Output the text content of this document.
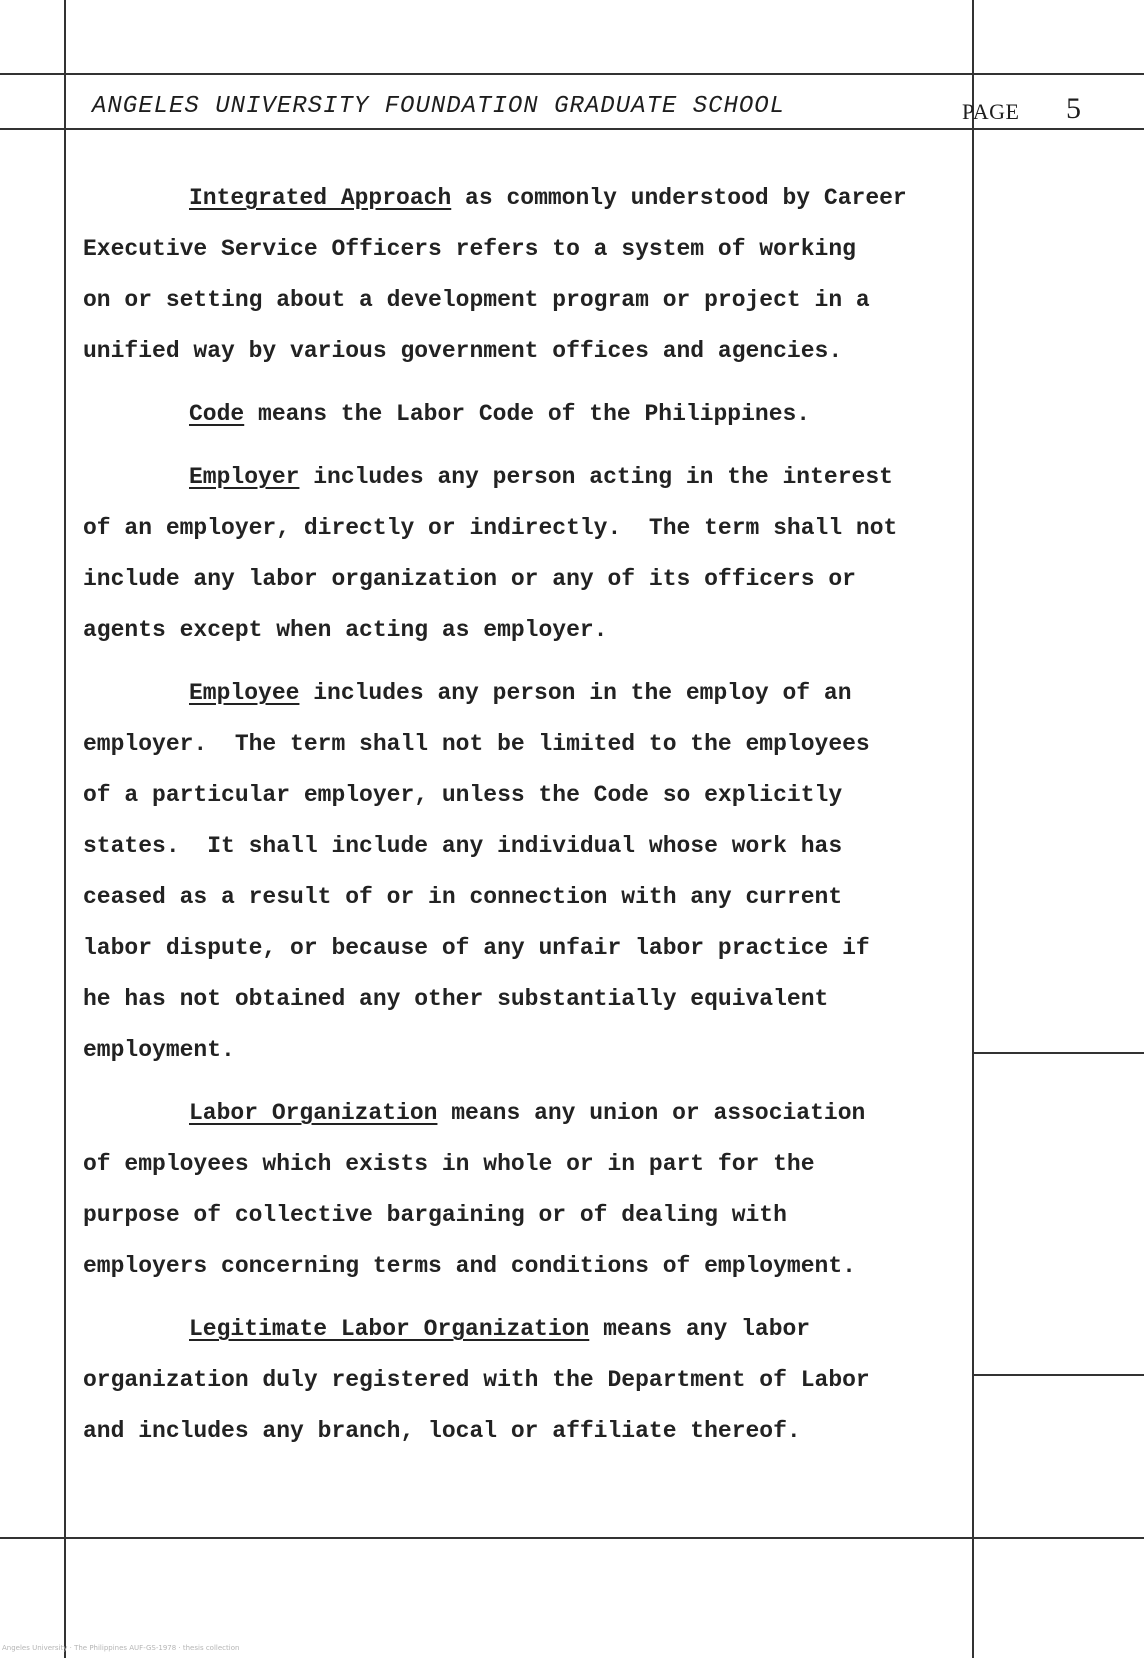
ANGELES UNIVERSITY FOUNDATION GRADUATE SCHOOL	PAGE 5
Integrated Approach as commonly understood by Career
Executive Service Officers refers to a system of working
on or setting about a development program or project in a
unified way by various government offices and agencies.
Code means the Labor Code of the Philippines.
Employer includes any person acting in the interest
of an employer, directly or indirectly.  The term shall not
include any labor organization or any of its officers or
agents except when acting as employer.
Employee includes any person in the employ of an
employer.  The term shall not be limited to the employees
of a particular employer, unless the Code so explicitly
states.  It shall include any individual whose work has
ceased as a result of or in connection with any current
labor dispute, or because of any unfair labor practice if
he has not obtained any other substantially equivalent
employment.
Labor Organization means any union or association
of employees which exists in whole or in part for the
purpose of collective bargaining or of dealing with
employers concerning terms and conditions of employment.
Legitimate Labor Organization means any labor
organization duly registered with the Department of Labor
and includes any branch, local or affiliate thereof.
Angeles University · The Philippines AUF-GS-1978 · thesis collection
